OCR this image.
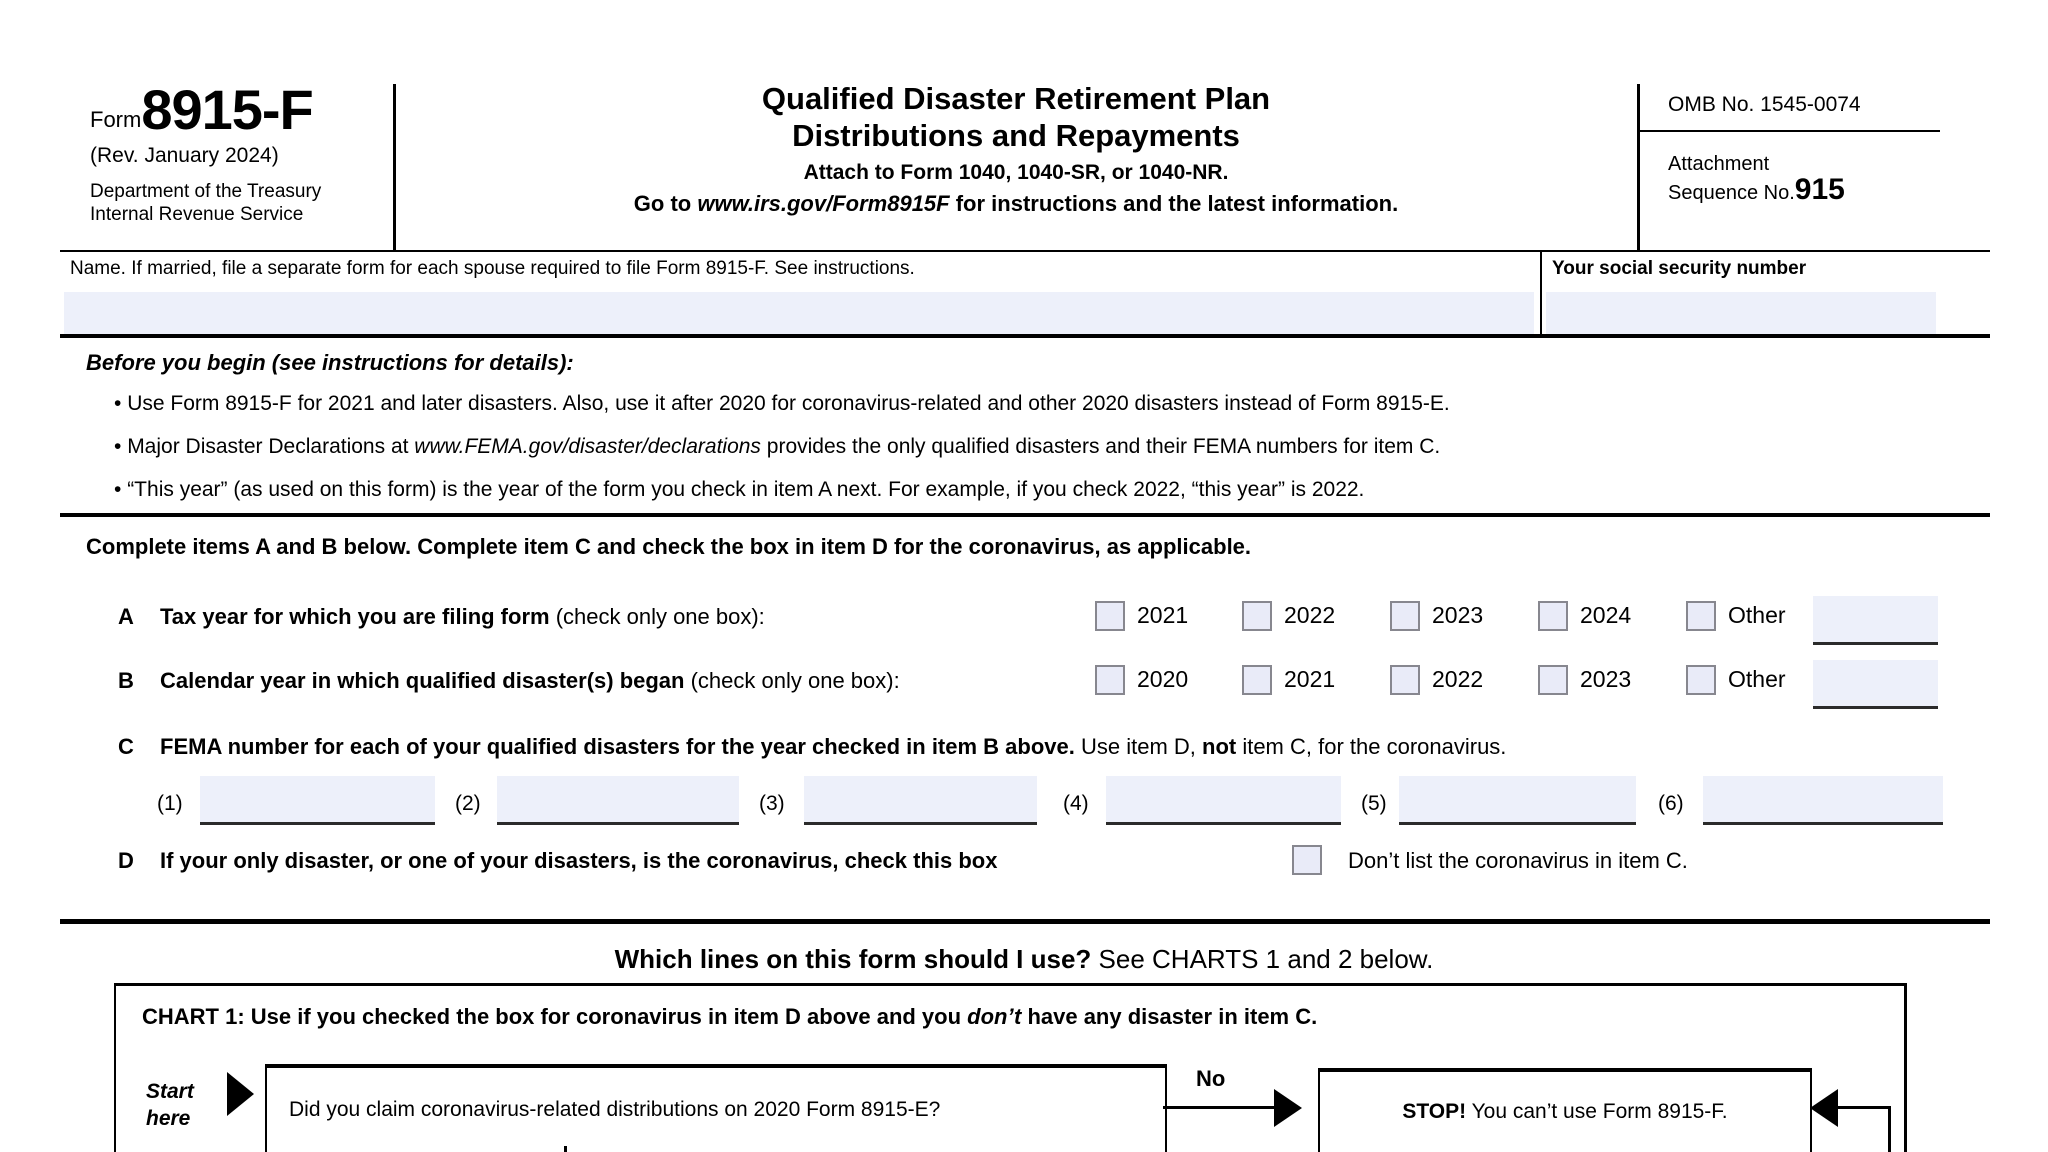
Form 8915-F
(Rev. January 2024)
Department of the Treasury
Internal Revenue Service
Qualified Disaster Retirement Plan
Distributions and Repayments
Attach to Form 1040, 1040-SR, or 1040-NR.
Go to www.irs.gov/Form8915F for instructions and the latest information.
OMB No. 1545-0074
Attachment
Sequence No. 915
Name. If married, file a separate form for each spouse required to file Form 8915-F. See instructions.	Your social security number
Before you begin (see instructions for details):
• Use Form 8915-F for 2021 and later disasters. Also, use it after 2020 for coronavirus-related and other 2020 disasters instead of Form 8915-E.
• Major Disaster Declarations at www.FEMA.gov/disaster/declarations provides the only qualified disasters and their FEMA numbers for item C.
• “This year” (as used on this form) is the year of the form you check in item A next. For example, if you check 2022, “this year” is 2022.
Complete items A and B below. Complete item C and check the box in item D for the coronavirus, as applicable.
A Tax year for which you are filing form (check only one box):	2021	2022	2023	2024	Other
B Calendar year in which qualified disaster(s) began (check only one box):	2020	2021	2022	2023	Other
C FEMA number for each of your qualified disasters for the year checked in item B above. Use item D, not item C, for the coronavirus.
(1)	(2)	(3)	(4)	(5)	(6)
D If your only disaster, or one of your disasters, is the coronavirus, check this box	Don’t list the coronavirus in item C.
Which lines on this form should I use? See CHARTS 1 and 2 below.
CHART 1: Use if you checked the box for coronavirus in item D above and you don’t have any disaster in item C.
Start
here	Did you claim coronavirus-related distributions on 2020 Form 8915-E?
No
STOP! You can’t use Form 8915-F.
